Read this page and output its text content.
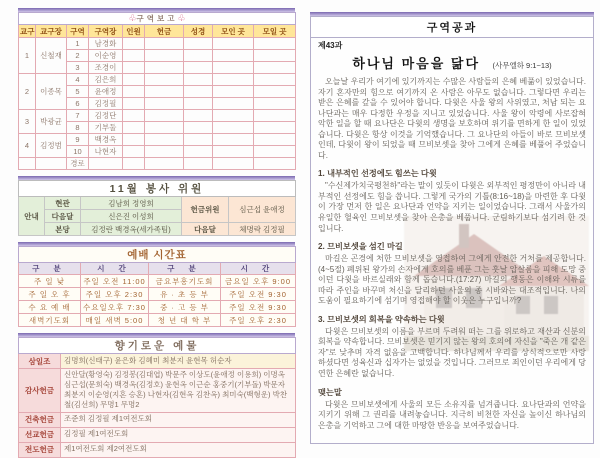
♧구역보고♧								
교구	교구장	구역	구역장	인원	헌금	성경	모인 곳	모일 곳
1	신철재	1	남경화					
		2	이순영					
		3	조경이					
2	이종목	4	김은희					
		5	윤애정					
		6	김정필					
3	박광균	7	김정단					
		8	기부둘					
4	김정범	9	백경옥					
		10	나현자					
		경로						
11월 봉사 위원				
안내	현관	김남희 정영희	헌금위원	심근섭 윤애정
	다음달	신은진 이성희		
	본당	김정란 백경옥(세가족팀)	다음달	체명락 김정필
예배 시간표			
구 분	시 간	구 분	시 간
주 일 낮	주일 오전 11:00	금요부흥기도회	금요일 오후 9:00
주 일 오 후	주일 오후 2:30	유 · 초 등 부	주일 오전 9:30
수 요 예 배	수요일오후 7:30	중 · 고 등 부	주일 오전 9:30
새벽기도회	매일 새벽 5:00	청 년 대 학 부	주일 오후 2:30
향기로운 예물	
삼일조	김명희(신태구) 윤은화 김혜미 최분지 윤현목 허순자
감사헌금	신안달(황영숙) 김정봉(김대엽) 박문주 이상도(윤애정 이용희) 이명옥 심근섭(문희숙) 백경옥(김정호) 윤현옥 이근순 홍중기(기부돌) 박문자 최분지 이순영(지혼 승혼) 나현자(김현옥 김찬옥) 최미숙(백형운) 박찬철(김선희) 무명1 무명2
건축헌금	조준희 김정필 제1여전도회
선교헌금	김정필 제1여전도회
전도헌금	제1여전도회 제2여전도회
구역공과
제43과
하나님 마음을 닮다 (사무엘하 9:1~13)

오늘날 우리가 여기에 있기까지는 수많은 사람들의 은혜 베풂이 있었습니다. 자기 혼자만의 힘으로 여기까지 온 사람은 아무도 없습니다. 그렇다면 우리는 받은 은혜를 갚을 수 있어야 합니다. 다윗은 사울 왕의 사위였고, 처남 되는 요나단과는 매우 다정한 우정을 지니고 있었습니다. 사울 왕이 악령에 사로잡혀 악한 일을 할 때 요나단은 다윗의 생명을 보호하며 위기를 면하게 한 일이 있었습니다. 다윗은 항상 이것을 기억했습니다. 그 요나단의 아들이 바로 므비보셋인데, 다윗이 왕이 되었을 때 므비보셋을 찾아 그에게 은혜를 베풀어 주었습니다.

1. 내부적인 선정에도 힘쓰는 다윗

"수신제가치국평천하"라는 말이 있듯이 다윗은 외부적인 평정만이 아니라 내부적인 선정에도 힘을 씁니다. 그렇게 국가의 기틀(8:16~18)을 마련한 후 다윗이 가장 먼저 한 일은 요나단과 언약을 지키는 일이었습니다. 그래서 사울가의 유일한 혈육인 므비보셋을 찾아 은총을 베풉니다. 군림하기보다 섬기려 한 것입니다.

2. 므비보셋을 섬긴 마길

마길은 곤경에 처한 므비보셋을 영접하여 그에게 안전한 거처를 제공합니다.(4~5절) 폐위된 왕가의 손자에게 호의를 베푼 그는 훗날 압살롬을 피해 도망 중이던 다윗을 바르실래와 함께 돕습니다.(17:27) 마길의 행동은 이해와 시류를 따라 주인을 바꾸며 처신을 달리하던 사울의 종 시바와는 대조적입니다. 나의 도움이 필요하기에 섬기며 영접해야 할 이웃은 누구입니까?

3. 므비보셋의 회복을 약속하는 다윗

다윗은 므비보셋의 이름을 부르며 두려워 떠는 그를 위로하고 재산과 신분의 회복을 약속합니다. 므비보셋은 믿기지 않는 왕의 호의에 자신을 "죽은 개 같은 자"로 낮추며 자격 없음을 고백합니다. 하나님께서 우리를 상식적으로만 사랑하셨다면 성육신과 십자가는 없었을 것입니다. 그러므로 죄인이던 우리에게 당연한 은혜란 없습니다.

맺는말

다윗은 므비보셋에게 사울의 모든 소유지를 넘겨줍니다. 요나단과의 언약을 지키기 위해 그 권리를 내려놓습니다. 지극히 비천한 자신을 높이신 하나님의 은총을 기억하고 그에 대한 마땅한 반응을 보여주었습니다.
